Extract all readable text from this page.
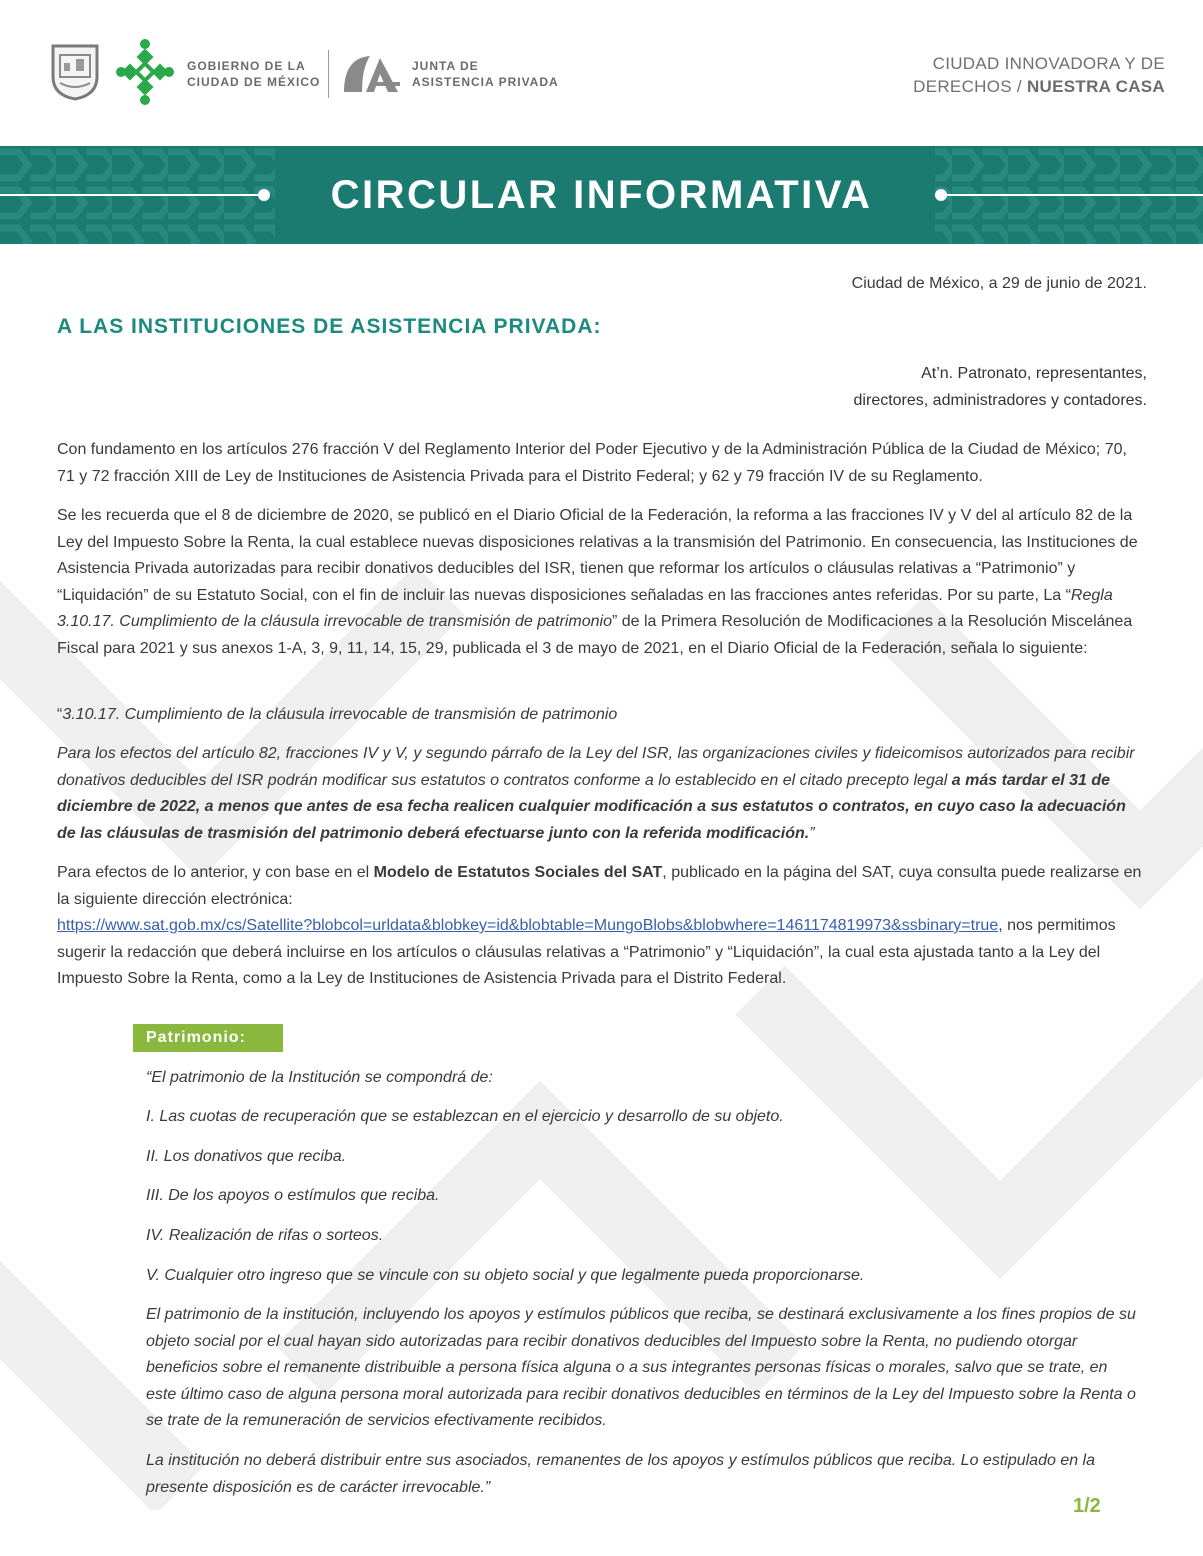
GOBIERNO DE LA
CIUDAD DE MÉXICO
JUNTA DE
ASISTENCIA PRIVADA
CIUDAD INNOVADORA Y DE
DERECHOS / NUESTRA CASA
CIRCULAR INFORMATIVA
Ciudad de México, a 29 de junio de 2021.
A LAS INSTITUCIONES DE ASISTENCIA PRIVADA:
At’n. Patronato, representantes,
directores, administradores y contadores.

Con fundamento en los artículos 276 fracción V del Reglamento Interior del Poder Ejecutivo y de la Administración Pública de la Ciudad de México; 70, 71 y 72 fracción XIII de Ley de Instituciones de Asistencia Privada para el Distrito Federal; y 62 y 79 fracción IV de su Reglamento.

Se les recuerda que el 8 de diciembre de 2020, se publicó en el Diario Oficial de la Federación, la reforma a las fracciones IV y V del al artículo 82 de la Ley del Impuesto Sobre la Renta, la cual establece nuevas disposiciones relativas a la transmisión del Patrimonio. En consecuencia, las Instituciones de Asistencia Privada autorizadas para recibir donativos deducibles del ISR, tienen que reformar los artículos o cláusulas relativas a “Patrimonio” y “Liquidación” de su Estatuto Social, con el fin de incluir las nuevas disposiciones señaladas en las fracciones antes referidas. Por su parte, La “Regla 3.10.17. Cumplimiento de la cláusula irrevocable de transmisión de patrimonio” de la Primera Resolución de Modificaciones a la Resolución Miscelánea Fiscal para 2021 y sus anexos 1-A, 3, 9, 11, 14, 15, 29, publicada el 3 de mayo de 2021, en el Diario Oficial de la Federación, señala lo siguiente:

“3.10.17. Cumplimiento de la cláusula irrevocable de transmisión de patrimonio

Para los efectos del artículo 82, fracciones IV y V, y segundo párrafo de la Ley del ISR, las organizaciones civiles y fideicomisos autorizados para recibir donativos deducibles del ISR podrán modificar sus estatutos o contratos conforme a lo establecido en el citado precepto legal a más tardar el 31 de diciembre de 2022, a menos que antes de esa fecha realicen cualquier modificación a sus estatutos o contratos, en cuyo caso la adecuación de las cláusulas de trasmisión del patrimonio deberá efectuarse junto con la referida modificación.”

Para efectos de lo anterior, y con base en el Modelo de Estatutos Sociales del SAT, publicado en la página del SAT, cuya consulta puede realizarse en la siguiente dirección electrónica:
https://www.sat.gob.mx/cs/Satellite?blobcol=urldata&blobkey=id&blobtable=MungoBlobs&blobwhere=1461174819973&ssbinary=true, nos permitimos sugerir la redacción que deberá incluirse en los artículos o cláusulas relativas a “Patrimonio” y “Liquidación”, la cual esta ajustada tanto a la Ley del Impuesto Sobre la Renta, como a la Ley de Instituciones de Asistencia Privada para el Distrito Federal.

Patrimonio:

“El patrimonio de la Institución se compondrá de:

I. Las cuotas de recuperación que se establezcan en el ejercicio y desarrollo de su objeto.

II. Los donativos que reciba.

III. De los apoyos o estímulos que reciba.

IV. Realización de rifas o sorteos.

V. Cualquier otro ingreso que se vincule con su objeto social y que legalmente pueda proporcionarse.

El patrimonio de la institución, incluyendo los apoyos y estímulos públicos que reciba, se destinará exclusivamente a los fines propios de su objeto social por el cual hayan sido autorizadas para recibir donativos deducibles del Impuesto sobre la Renta, no pudiendo otorgar beneficios sobre el remanente distribuible a persona física alguna o a sus integrantes personas físicas o morales, salvo que se trate, en este último caso de alguna persona moral autorizada para recibir donativos deducibles en términos de la Ley del Impuesto sobre la Renta o se trate de la remuneración de servicios efectivamente recibidos.

La institución no deberá distribuir entre sus asociados, remanentes de los apoyos y estímulos públicos que reciba. Lo estipulado en la presente disposición es de carácter irrevocable.”

1/2
